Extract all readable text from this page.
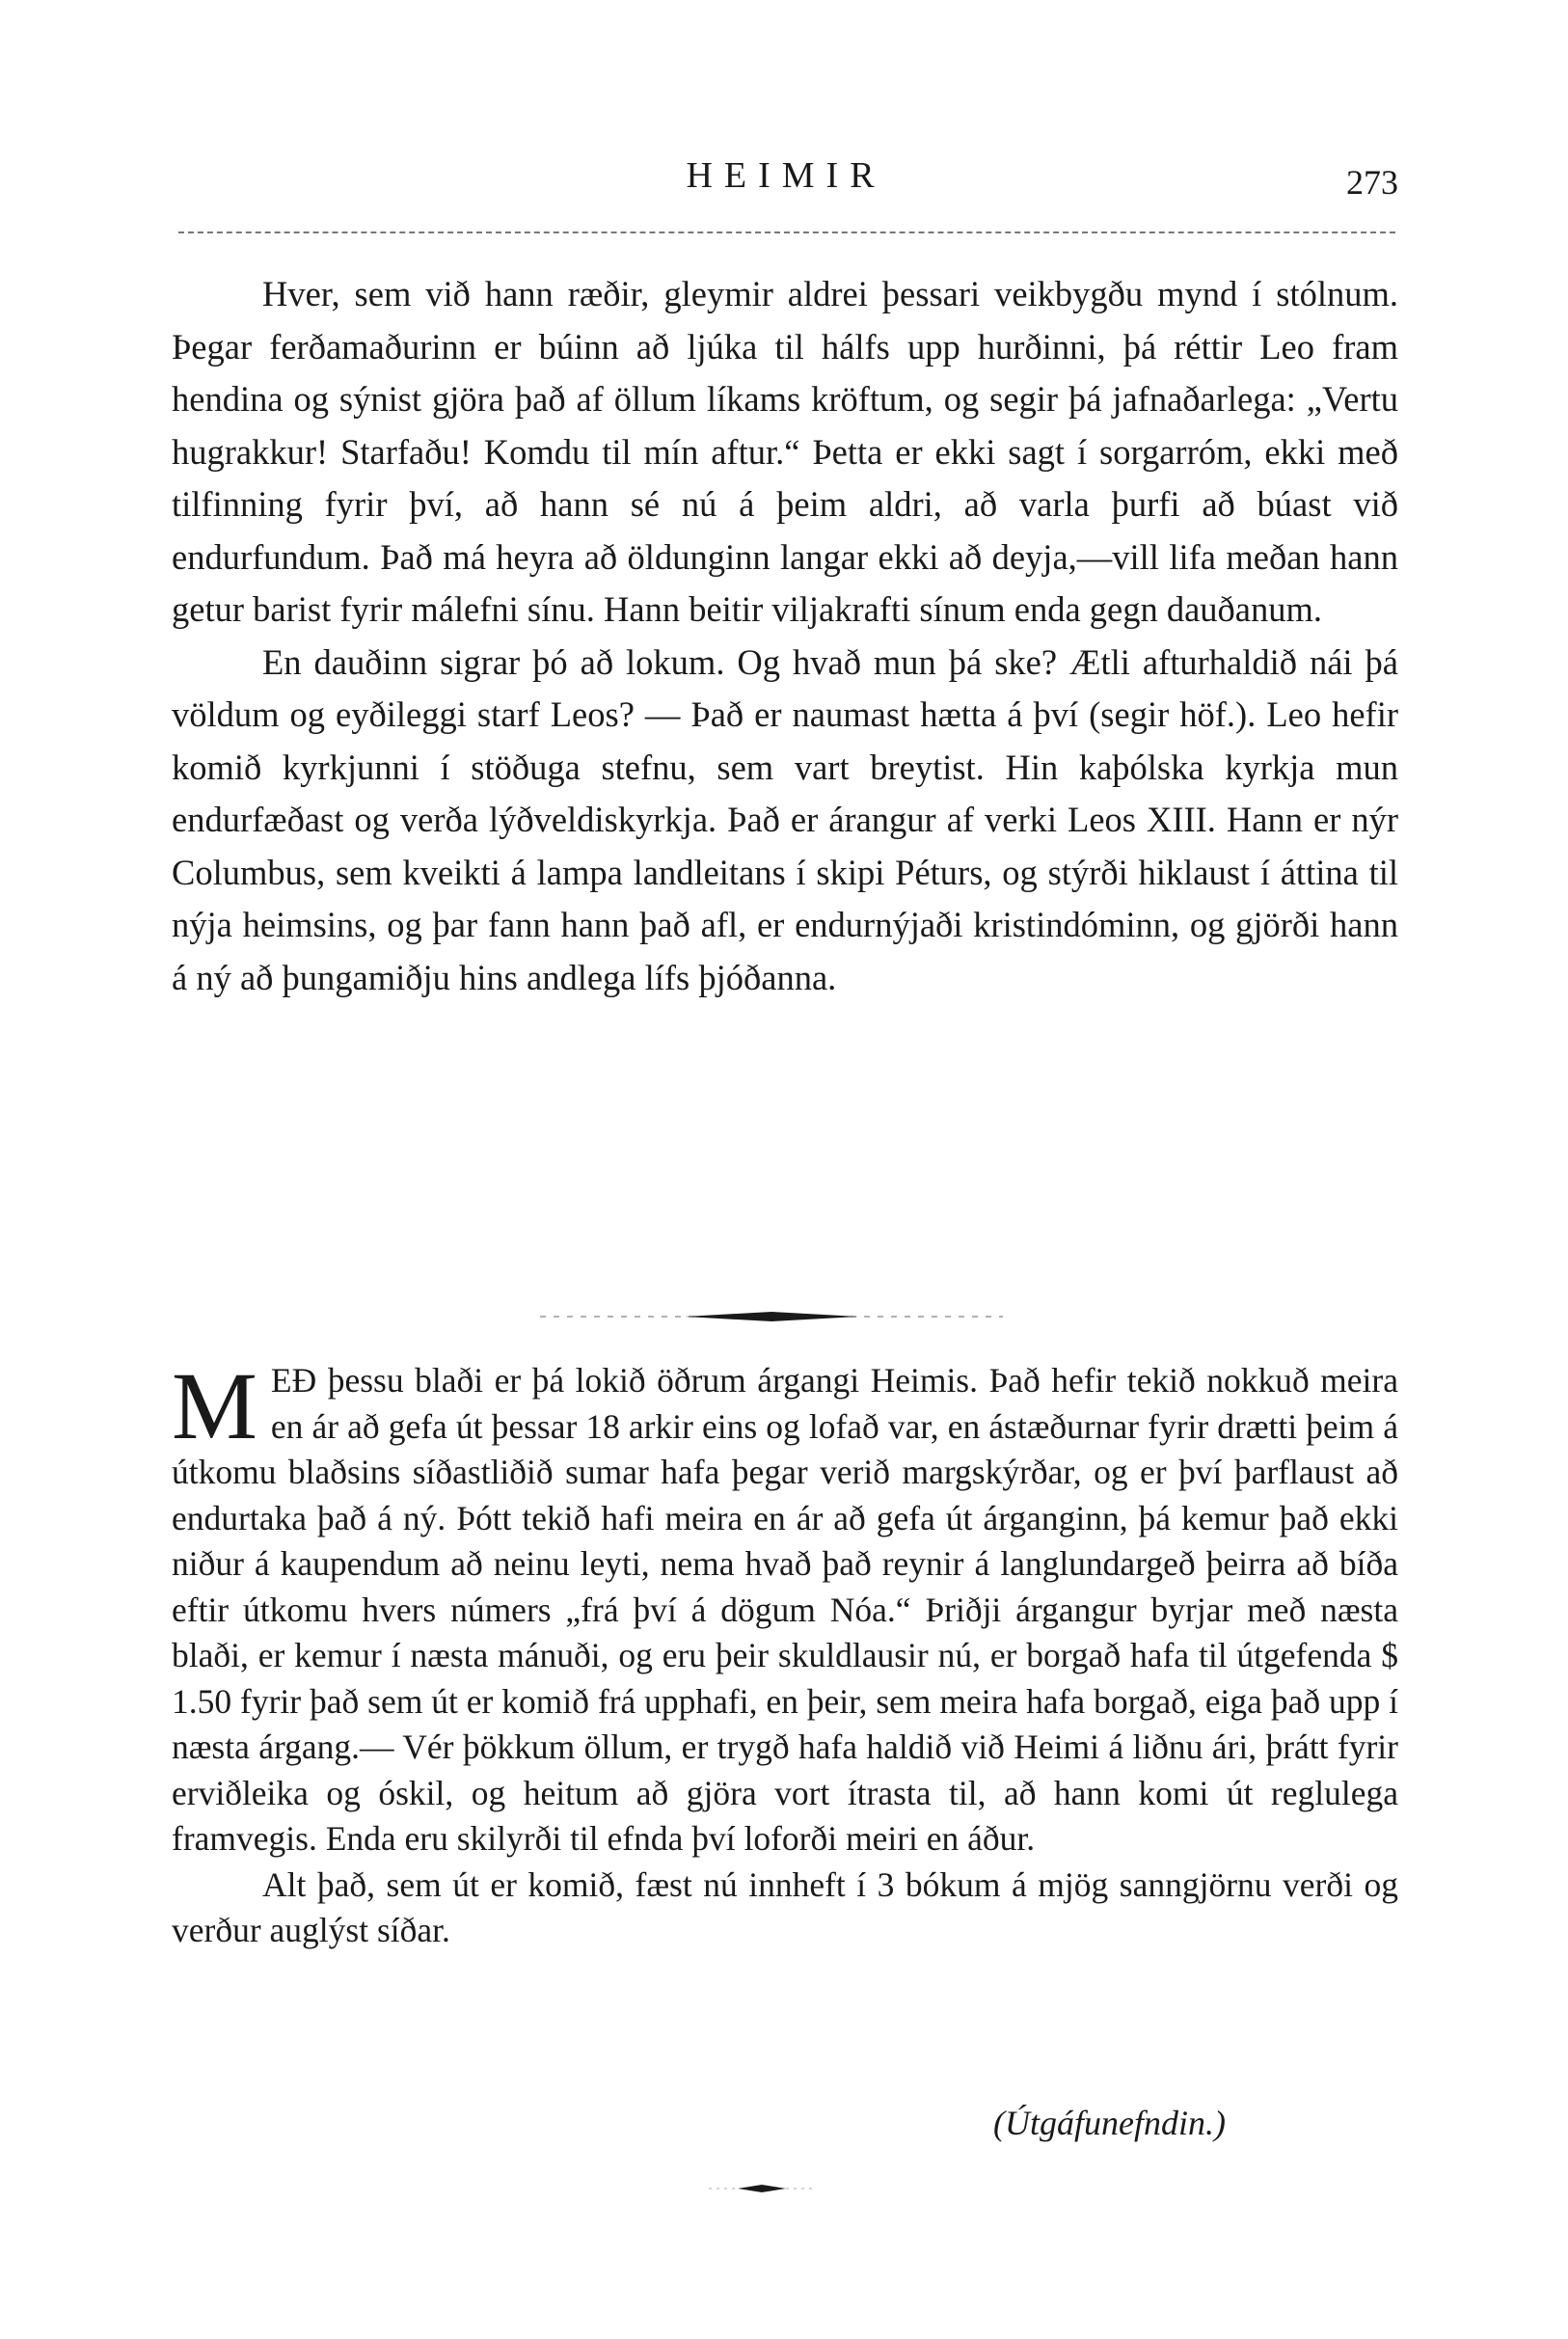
HEIMIR	273

Hver, sem við hann ræðir, gleymir aldrei þessari veikbygðu mynd í stólnum. Þegar ferðamaðurinn er búinn að ljúka til hálfs upp hurðinni, þá réttir Leo fram hendina og sýnist gjöra það af öllum líkams kröftum, og segir þá jafnaðarlega: „Vertu hugrakkur! Starfaðu! Komdu til mín aftur.“ Þetta er ekki sagt í sorgarróm, ekki með tilfinning fyrir því, að hann sé nú á þeim aldri, að varla þurfi að búast við endurfundum. Það má heyra að öldunginn langar ekki að deyja,—vill lifa meðan hann getur barist fyrir málefni sínu. Hann beitir viljakrafti sínum enda gegn dauðanum.

En dauðinn sigrar þó að lokum. Og hvað mun þá ske? Ætli afturhaldið nái þá völdum og eyðileggi starf Leos? — Það er naumast hætta á því (segir höf.). Leo hefir komið kyrkjunni í stöðuga stefnu, sem vart breytist. Hin kaþólska kyrkja mun endurfæðast og verða lýðveldiskyrkja. Það er árangur af verki Leos XIII. Hann er nýr Columbus, sem kveikti á lampa landleitans í skipi Péturs, og stýrði hiklaust í áttina til nýja heimsins, og þar fann hann það afl, er endurnýjaði kristindóminn, og gjörði hann á ný að þungamiðju hins andlega lífs þjóðanna.

MEÐ þessu blaði er þá lokið öðrum árgangi Heimis. Það hefir tekið nokkuð meira en ár að gefa út þessar 18 arkir eins og lofað var, en ástæðurnar fyrir drætti þeim á útkomu blaðsins síðastliðið sumar hafa þegar verið margskýrðar, og er því þarflaust að endurtaka það á ný. Þótt tekið hafi meira en ár að gefa út árganginn, þá kemur það ekki niður á kaupendum að neinu leyti, nema hvað það reynir á langlundargeð þeirra að bíða eftir útkomu hvers númers „frá því á dögum Nóa.“ Þriðji árgangur byrjar með næsta blaði, er kemur í næsta mánuði, og eru þeir skuldlausir nú, er borgað hafa til útgefenda $ 1.50 fyrir það sem út er komið frá upphafi, en þeir, sem meira hafa borgað, eiga það upp í næsta árgang.— Vér þökkum öllum, er trygð hafa haldið við Heimi á liðnu ári, þrátt fyrir erviðleika og óskil, og heitum að gjöra vort ítrasta til, að hann komi út reglulega framvegis. Enda eru skilyrði til efnda því loforði meiri en áður.

Alt það, sem út er komið, fæst nú innheft í 3 bókum á mjög sanngjörnu verði og verður auglýst síðar.

(Útgáfunefndin.)
